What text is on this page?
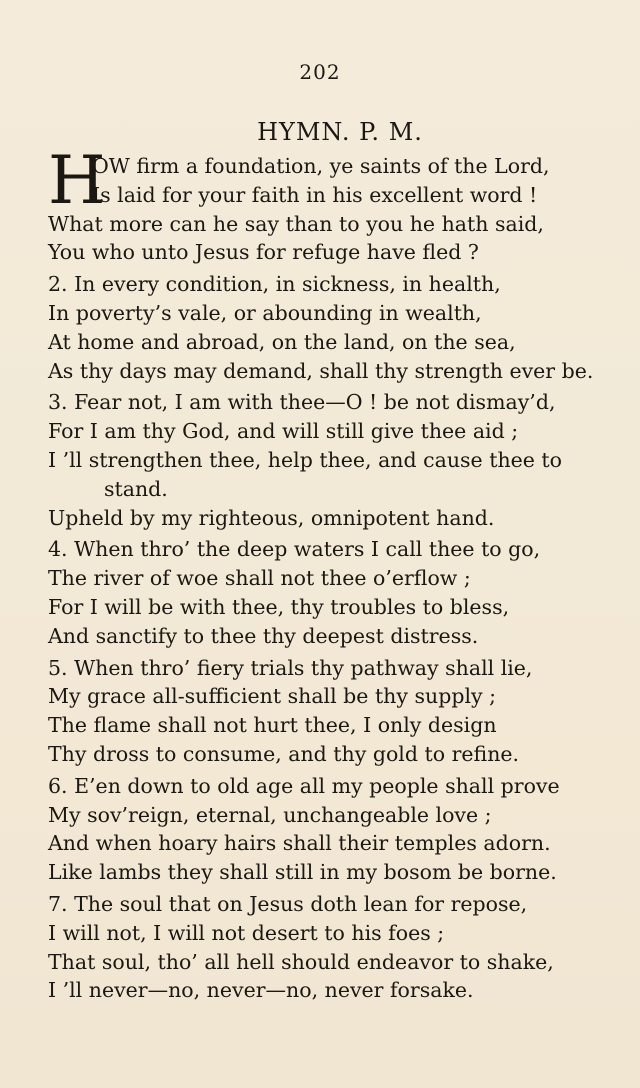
202
HYMN. P. M.
H
OW firm a foundation, ye saints of the Lord,
Is laid for your faith in his excellent word !
What more can he say than to you he hath said,
You who unto Jesus for refuge have fled ?
2. In every condition, in sickness, in health,
In poverty’s vale, or abounding in wealth,
At home and abroad, on the land, on the sea,
As thy days may demand, shall thy strength ever be.
3. Fear not, I am with thee—O ! be not dismay’d,
For I am thy God, and will still give thee aid ;
I ’ll strengthen thee, help thee, and cause thee to
stand.
Upheld by my righteous, omnipotent hand.
4. When thro’ the deep waters I call thee to go,
The river of woe shall not thee o’erflow ;
For I will be with thee, thy troubles to bless,
And sanctify to thee thy deepest distress.
5. When thro’ fiery trials thy pathway shall lie,
My grace all-sufficient shall be thy supply ;
The flame shall not hurt thee, I only design
Thy dross to consume, and thy gold to refine.
6. E’en down to old age all my people shall prove
My sov’reign, eternal, unchangeable love ;
And when hoary hairs shall their temples adorn.
Like lambs they shall still in my bosom be borne.
7. The soul that on Jesus doth lean for repose,
I will not, I will not desert to his foes ;
That soul, tho’ all hell should endeavor to shake,
I ’ll never—no, never—no, never forsake.
